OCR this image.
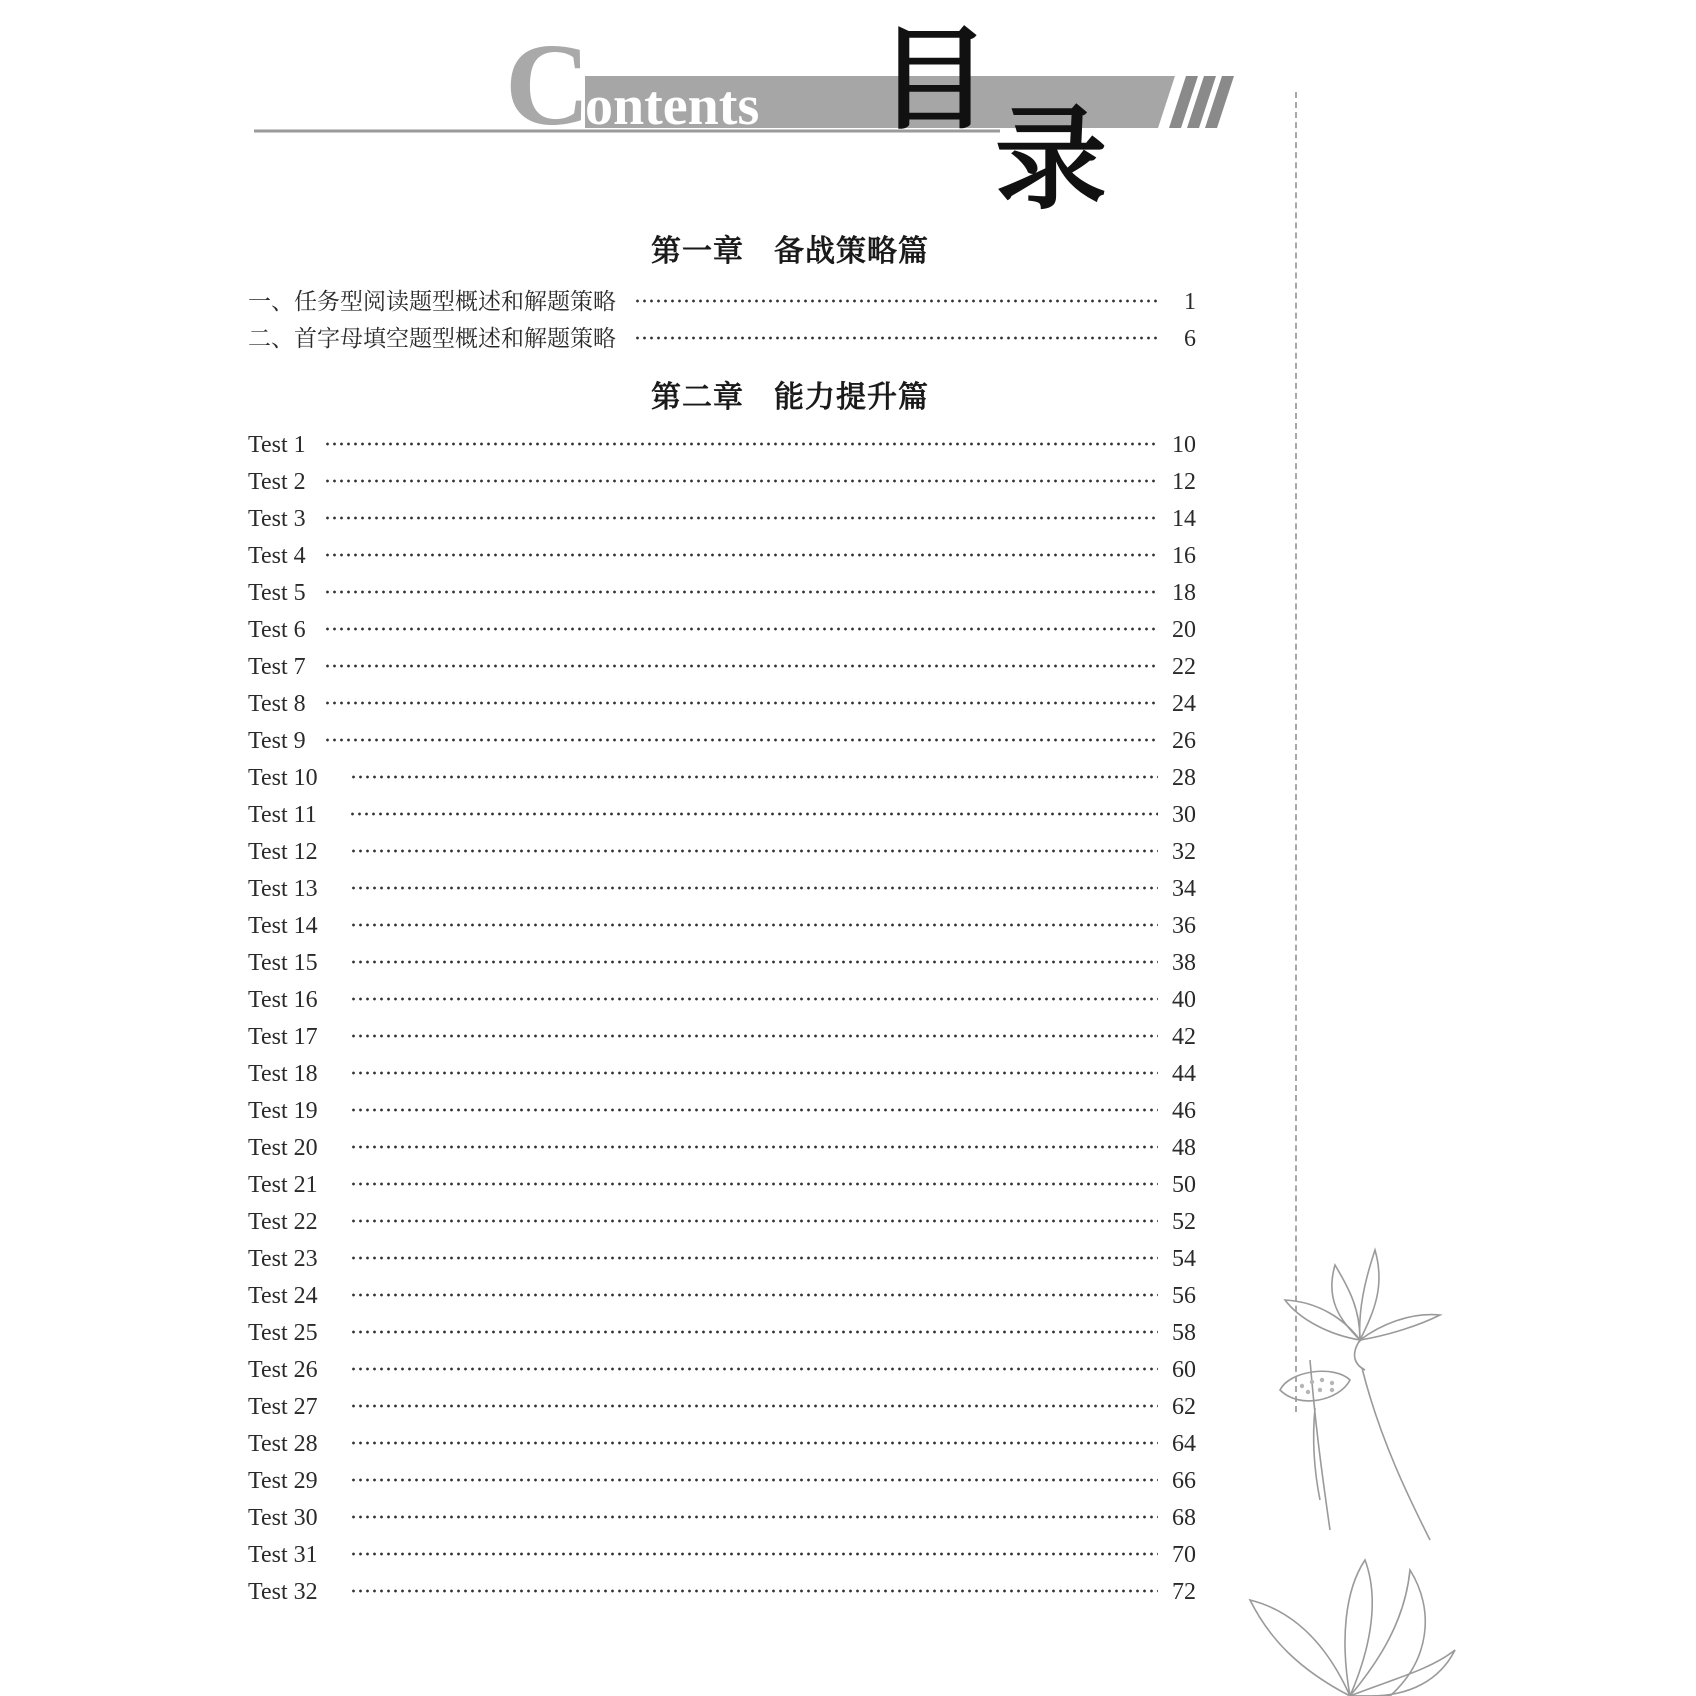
C
ontents 目
录
第一章 备战策略篇
一、任务型阅读题型概述和解题策略	1
二、首字母填空题型概述和解题策略	6
第二章 能力提升篇
Test 1	10
Test 2	12
Test 3	14
Test 4	16
Test 5	18
Test 6	20
Test 7	22
Test 8	24
Test 9	26
Test 10	28
Test 11	30
Test 12	32
Test 13	34
Test 14	36
Test 15	38
Test 16	40
Test 17	42
Test 18	44
Test 19	46
Test 20	48
Test 21	50
Test 22	52
Test 23	54
Test 24	56
Test 25	58
Test 26	60
Test 27	62
Test 28	64
Test 29	66
Test 30	68
Test 31	70
Test 32	72
